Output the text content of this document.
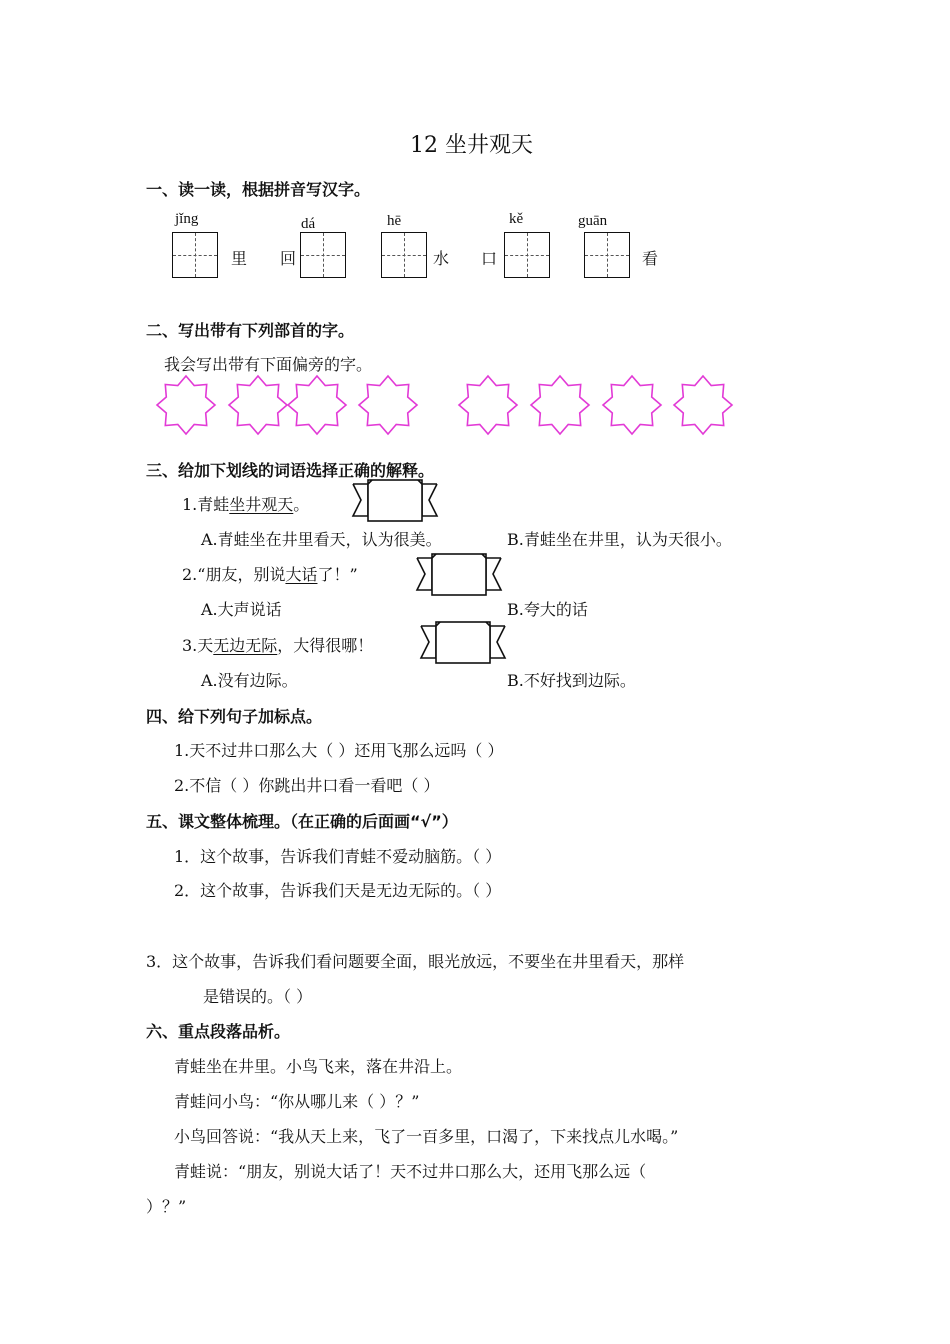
12 坐井观天
一、读一读，根据拼音写汉字。
jǐng
里 回
dá	hē
水 口
kě	guān
看
二、写出带有下列部首的字。
我会写出带有下面偏旁的字。
三、给加下划线的词语选择正确的解释。
1.青蛙坐井观天。
A.青蛙坐在井里看天，认为很美。	B.青蛙坐在井里，认为天很小。
2.“朋友，别说大话了！”
A.大声说话	B.夸大的话
3.天无边无际，大得很哪！
A.没有边际。	B.不好找到边际。
四、给下列句子加标点。
1.天不过井口那么大（ ）还用飞那么远吗（ ）
2.不信（ ）你跳出井口看一看吧（ ）
五、课文整体梳理。（在正确的后面画“√”）
1．这个故事，告诉我们青蛙不爱动脑筋。（ ）
2．这个故事，告诉我们天是无边无际的。（ ）
3．这个故事，告诉我们看问题要全面，眼光放远，不要坐在井里看天，那样
是错误的。（ ）
六、重点段落品析。
青蛙坐在井里。小鸟飞来，落在井沿上。
青蛙问小鸟：“你从哪儿来（ ）？”
小鸟回答说：“我从天上来，飞了一百多里，口渴了，下来找点儿水喝。”
青蛙说：“朋友，别说大话了！天不过井口那么大，还用飞那么远（
）？”
